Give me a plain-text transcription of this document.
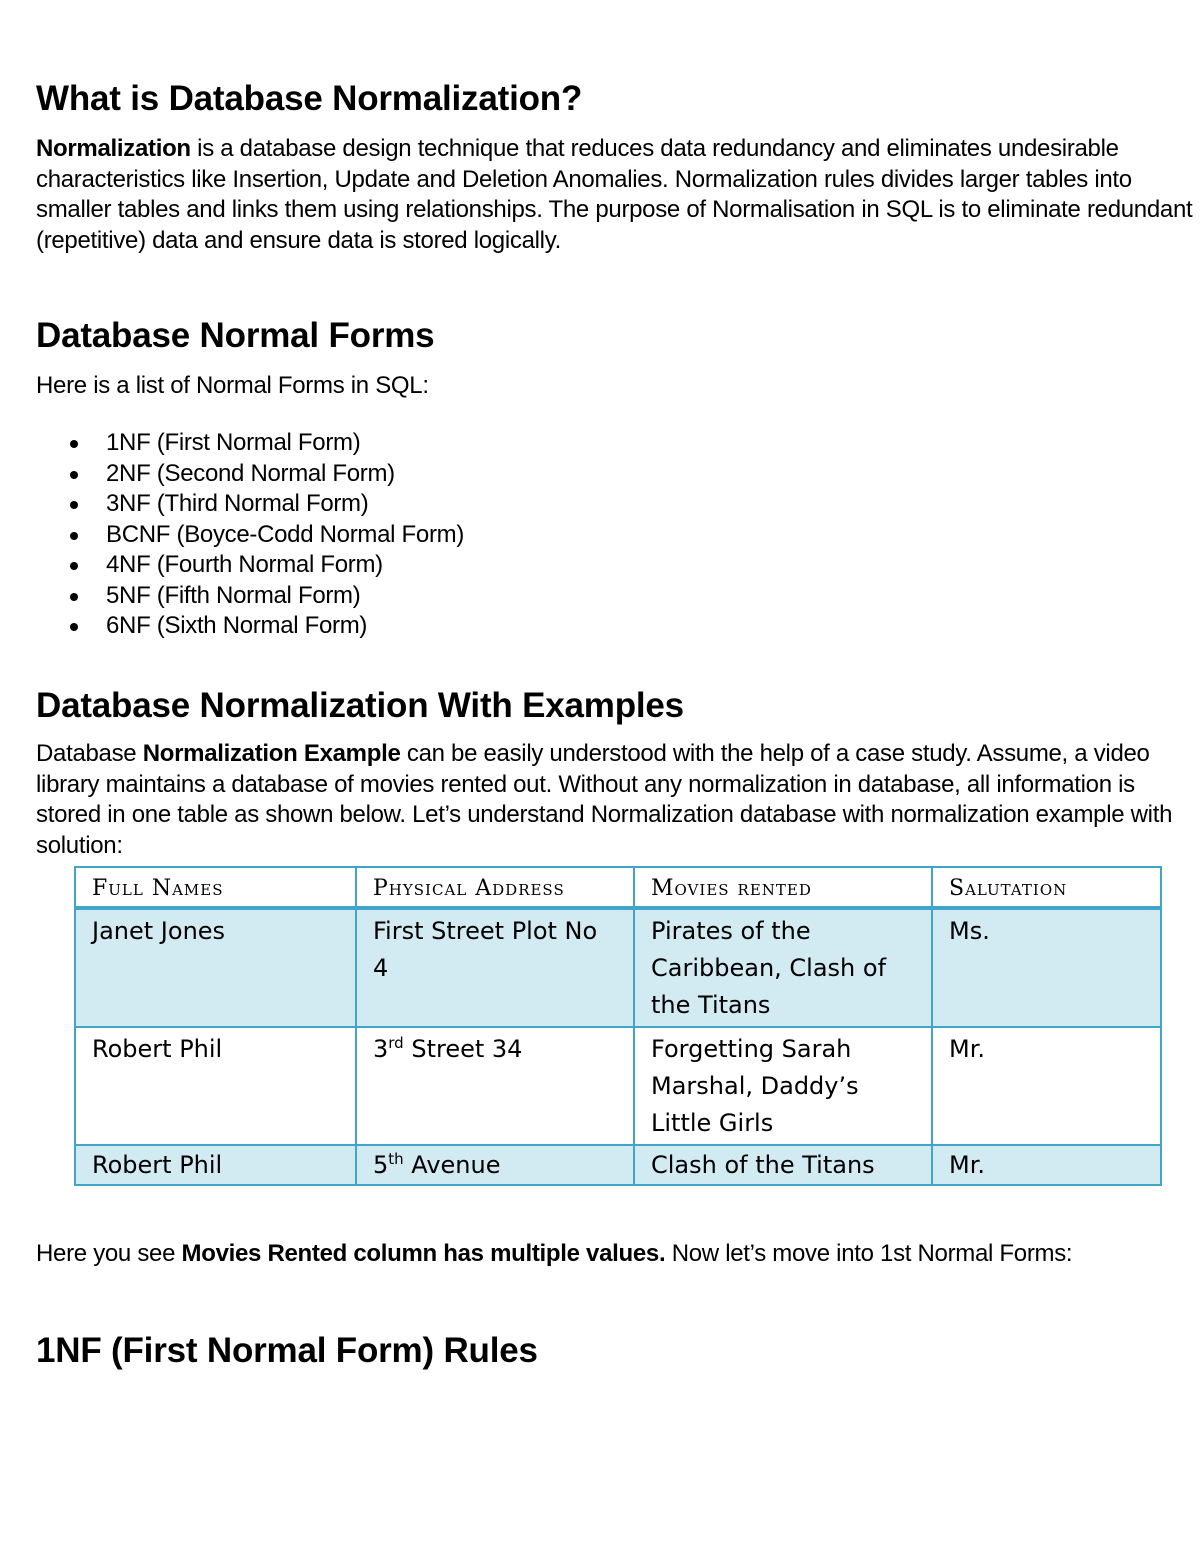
What is Database Normalization?

Normalization is a database design technique that reduces data redundancy and eliminates undesirable characteristics like Insertion, Update and Deletion Anomalies. Normalization rules divides larger tables into smaller tables and links them using relationships. The purpose of Normalisation in SQL is to eliminate redundant (repetitive) data and ensure data is stored logically.

Database Normal Forms

Here is a list of Normal Forms in SQL:

1NF (First Normal Form)
2NF (Second Normal Form)
3NF (Third Normal Form)
BCNF (Boyce-Codd Normal Form)
4NF (Fourth Normal Form)
5NF (Fifth Normal Form)
6NF (Sixth Normal Form)
Database Normalization With Examples

Database Normalization Example can be easily understood with the help of a case study. Assume, a video library maintains a database of movies rented out. Without any normalization in database, all information is stored in one table as shown below. Let’s understand Normalization database with normalization example with solution:

Full Names	Physical Address	Movies rented	Salutation
Janet Jones	First Street Plot No 4	Pirates of the Caribbean, Clash of the Titans	Ms.
Robert Phil	3rd Street 34	Forgetting Sarah Marshal, Daddy’s Little Girls	Mr.
Robert Phil	5th Avenue	Clash of the Titans	Mr.

Here you see Movies Rented column has multiple values. Now let’s move into 1st Normal Forms:

1NF (First Normal Form) Rules
